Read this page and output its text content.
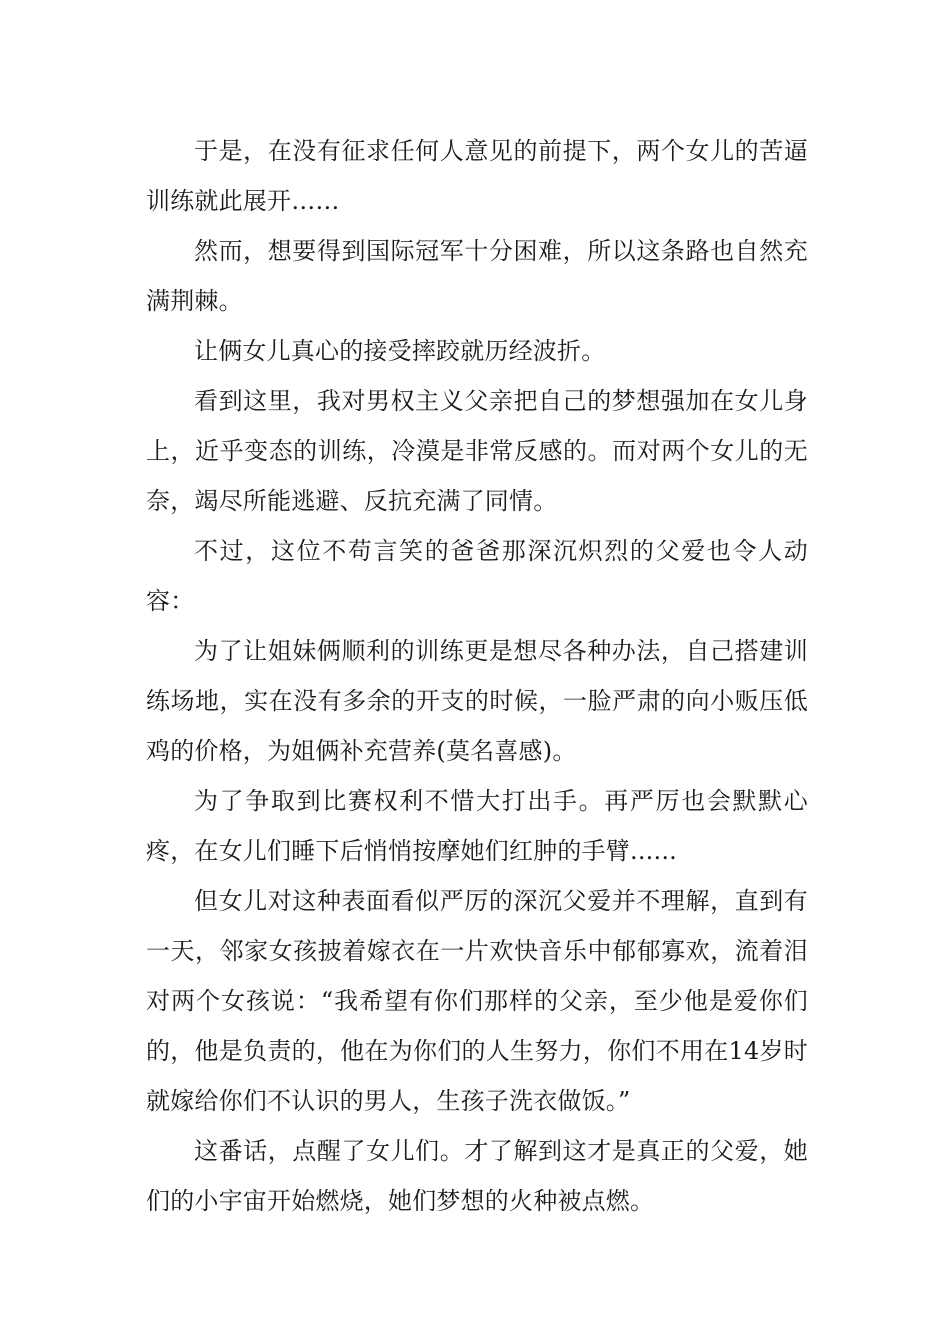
于是，在没有征求任何人意见的前提下，两个女儿的苦逼训练就此展开……

然而，想要得到国际冠军十分困难，所以这条路也自然充满荆棘。

让俩女儿真心的接受摔跤就历经波折。

看到这里，我对男权主义父亲把自己的梦想强加在女儿身上，近乎变态的训练，冷漠是非常反感的。而对两个女儿的无奈，竭尽所能逃避、反抗充满了同情。

不过，这位不苟言笑的爸爸那深沉炽烈的父爱也令人动容：

为了让姐妹俩顺利的训练更是想尽各种办法，自己搭建训练场地，实在没有多余的开支的时候，一脸严肃的向小贩压低鸡的价格，为姐俩补充营养(莫名喜感)。

为了争取到比赛权利不惜大打出手。再严厉也会默默心疼，在女儿们睡下后悄悄按摩她们红肿的手臂......

但女儿对这种表面看似严厉的深沉父爱并不理解，直到有一天，邻家女孩披着嫁衣在一片欢快音乐中郁郁寡欢，流着泪对两个女孩说：“我希望有你们那样的父亲，至少他是爱你们的，他是负责的，他在为你们的人生努力，你们不用在14岁时就嫁给你们不认识的男人，生孩子洗衣做饭。”

这番话，点醒了女儿们。才了解到这才是真正的父爱，她们的小宇宙开始燃烧，她们梦想的火种被点燃。
